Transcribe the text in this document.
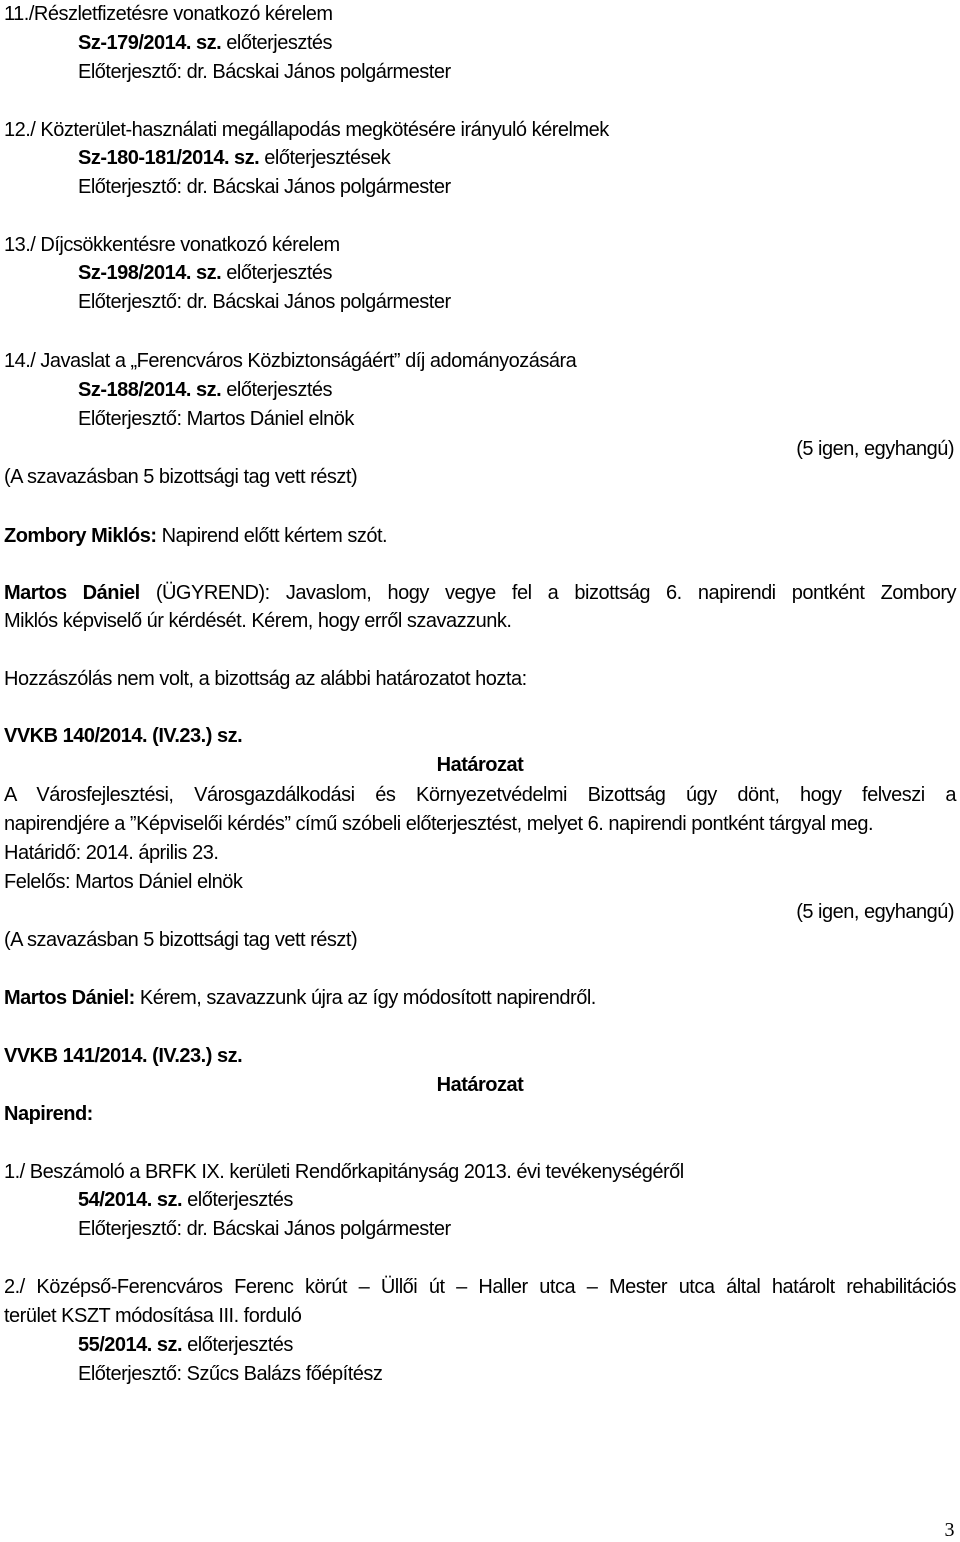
11./Részletfizetésre vonatkozó kérelem
Sz-179/2014. sz. előterjesztés
Előterjesztő: dr. Bácskai János polgármester
12./ Közterület-használati megállapodás megkötésére irányuló kérelmek
Sz-180-181/2014. sz. előterjesztések
Előterjesztő: dr. Bácskai János polgármester
13./ Díjcsökkentésre vonatkozó kérelem
Sz-198/2014. sz. előterjesztés
Előterjesztő: dr. Bácskai János polgármester
14./ Javaslat a „Ferencváros Közbiztonságáért” díj adományozására
Sz-188/2014. sz. előterjesztés
Előterjesztő: Martos Dániel elnök
(5 igen, egyhangú)
(A szavazásban 5 bizottsági tag vett részt)
Zombory Miklós: Napirend előtt kértem szót.
Martos Dániel (ÜGYREND): Javaslom, hogy vegye fel a bizottság 6. napirendi pontként Zombory
Miklós képviselő úr kérdését. Kérem, hogy erről szavazzunk.
Hozzászólás nem volt, a bizottság az alábbi határozatot hozta:
VVKB 140/2014. (IV.23.) sz.
Határozat
A Városfejlesztési, Városgazdálkodási és Környezetvédelmi Bizottság úgy dönt, hogy felveszi a
napirendjére a ”Képviselői kérdés” című szóbeli előterjesztést, melyet 6. napirendi pontként tárgyal meg.
Határidő: 2014. április 23.
Felelős: Martos Dániel elnök
(5 igen, egyhangú)
(A szavazásban 5 bizottsági tag vett részt)
Martos Dániel: Kérem, szavazzunk újra az így módosított napirendről.
VVKB 141/2014. (IV.23.) sz.
Határozat
Napirend:
1./ Beszámoló a BRFK IX. kerületi Rendőrkapitányság 2013. évi tevékenységéről
54/2014. sz. előterjesztés
Előterjesztő: dr. Bácskai János polgármester
2./ Középső-Ferencváros Ferenc körút – Üllői út – Haller utca – Mester utca által határolt rehabilitációs
terület KSZT módosítása III. forduló
55/2014. sz. előterjesztés
Előterjesztő: Szűcs Balázs főépítész
3
